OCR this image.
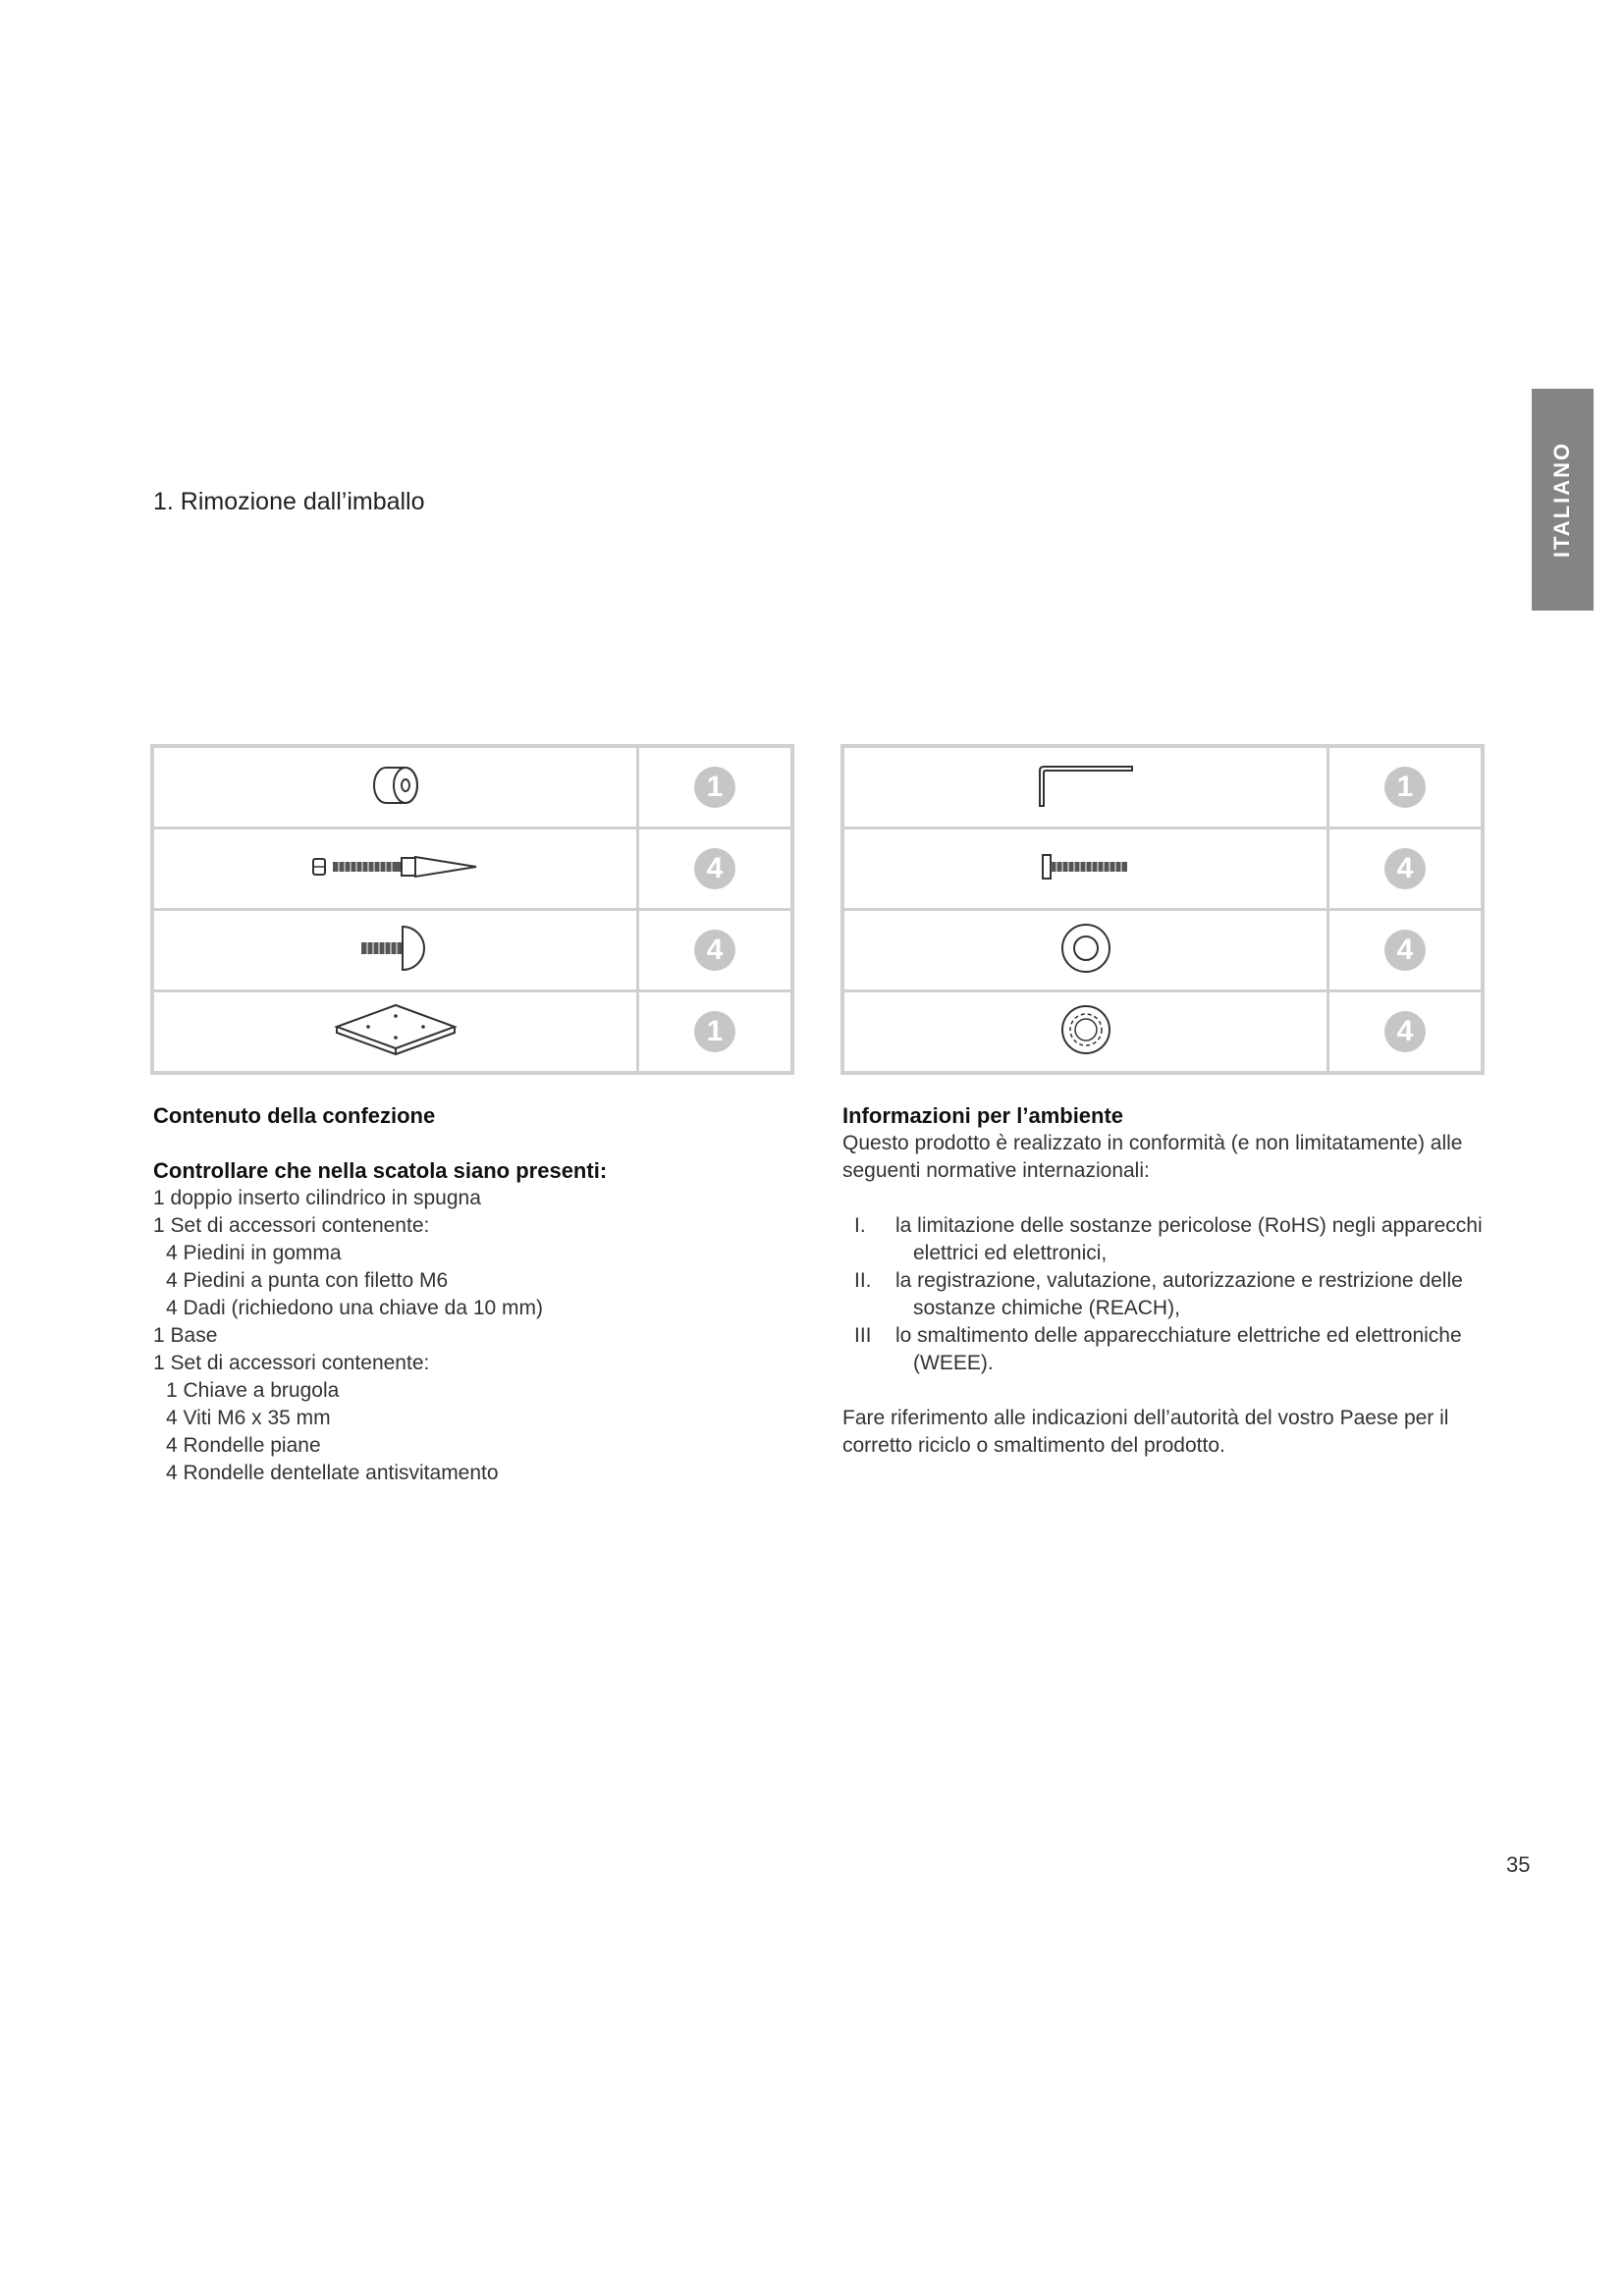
ITALIANO
1. Rimozione dall’imballo
	1
	4
	4
	1
	1
	4
	4
	4
Contenuto della confezione
Controllare che nella scatola siano presenti:
1 doppio inserto cilindrico in spugna
1 Set di accessori contenente:
4 Piedini in gomma
4 Piedini a punta con filetto M6
4 Dadi (richiedono una chiave da 10 mm)
1 Base
1 Set di accessori contenente:
1 Chiave a brugola
4 Viti M6 x 35 mm
4 Rondelle piane
4 Rondelle dentellate antisvitamento
Informazioni per l’ambiente
Questo prodotto è realizzato in conformità (e non limitatamente) alle seguenti normative internazionali:
I.	la limitazione delle sostanze pericolose (RoHS) negli apparecchi elettrici ed elettronici,
II.	la registrazione, valutazione, autorizzazione e restrizione delle sostanze chimiche (REACH),
III	lo smaltimento delle apparecchiature elettriche ed elettroniche (WEEE).
Fare riferimento alle indicazioni dell’autorità del vostro Paese per il corretto riciclo o smaltimento del prodotto.
35
